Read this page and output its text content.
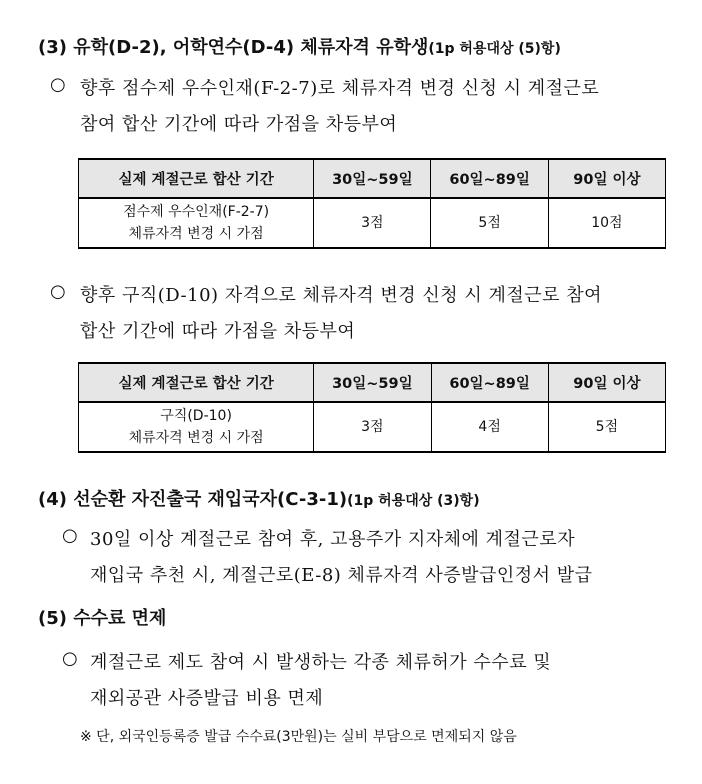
(3) 유학(D-2), 어학연수(D-4) 체류자격 유학생(1p 허용대상 (5)항)
○ 향후 점수제 우수인재(F-2-7)로 체류자격 변경 신청 시 계절근로
참여 합산 기간에 따라 가점을 차등부여
실제 계절근로 합산 기간	30일~59일	60일~89일	90일 이상

점수제 우수인재(F-2-7)
체류자격 변경 시 가점	3점	5점	10점
○ 향후 구직(D-10) 자격으로 체류자격 변경 신청 시 계절근로 참여
합산 기간에 따라 가점을 차등부여
실제 계절근로 합산 기간	30일~59일	60일~89일	90일 이상

구직(D-10)
체류자격 변경 시 가점	3점	4점	5점
(4) 선순환 자진출국 재입국자(C-3-1)(1p 허용대상 (3)항)
○ 30일 이상 계절근로 참여 후, 고용주가 지자체에 계절근로자
재입국 추천 시, 계절근로(E-8) 체류자격 사증발급인정서 발급
(5) 수수료 면제
○ 계절근로 제도 참여 시 발생하는 각종 체류허가 수수료 및
재외공관 사증발급 비용 면제
※ 단, 외국인등록증 발급 수수료(3만원)는 실비 부담으로 면제되지 않음
